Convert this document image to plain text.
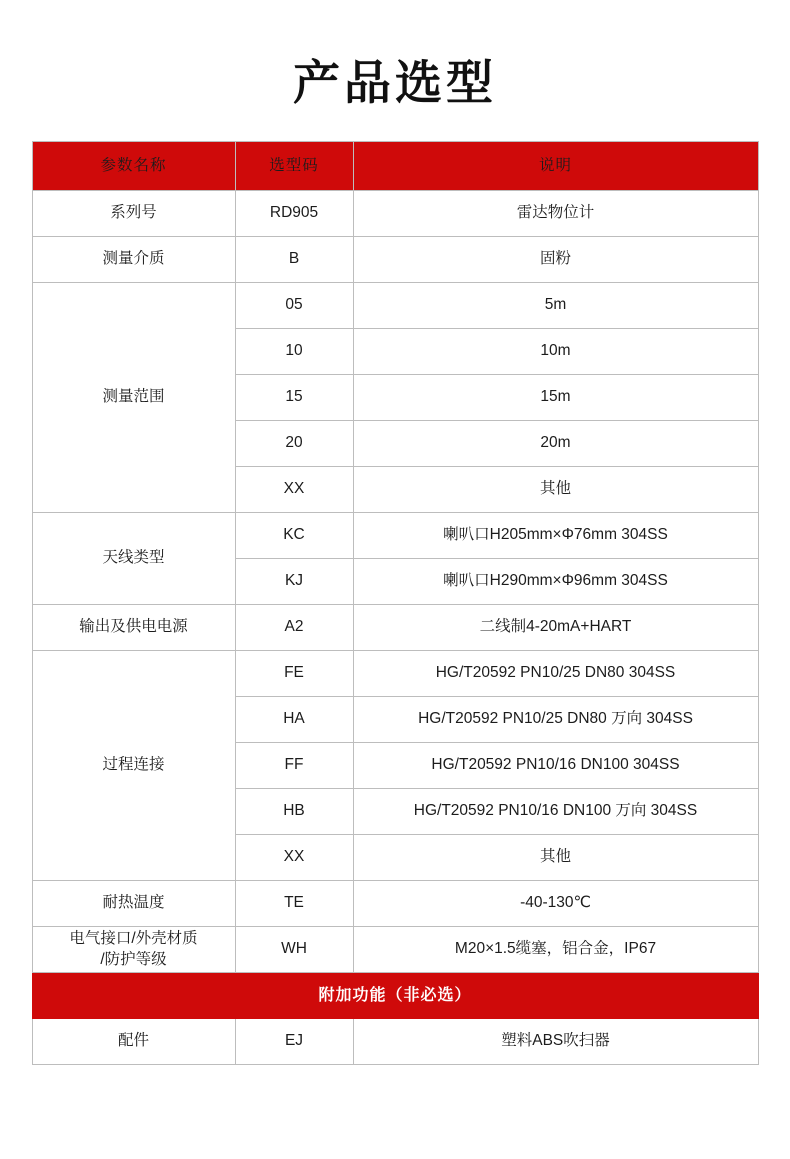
产品选型
参数名称	选型码	说明
系列号	RD905	雷达物位计
测量介质	B	固粉
测量范围	05	5m
	10	10m
	15	15m
	20	20m
	XX	其他
天线类型	KC	喇叭口H205mm×Φ76mm 304SS
	KJ	喇叭口H290mm×Φ96mm 304SS
输出及供电电源	A2	二线制4-20mA+HART
过程连接	FE	HG/T20592 PN10/25 DN80 304SS
	HA	HG/T20592 PN10/25 DN80 万向 304SS
	FF	HG/T20592 PN10/16 DN100 304SS
	HB	HG/T20592 PN10/16 DN100 万向 304SS
	XX	其他
耐热温度	TE	-40-130℃
电气接口/外壳材质
/防护等级	WH	M20×1.5缆塞，铝合金，IP67
附加功能（非必选）		
配件	EJ	塑料ABS吹扫器
